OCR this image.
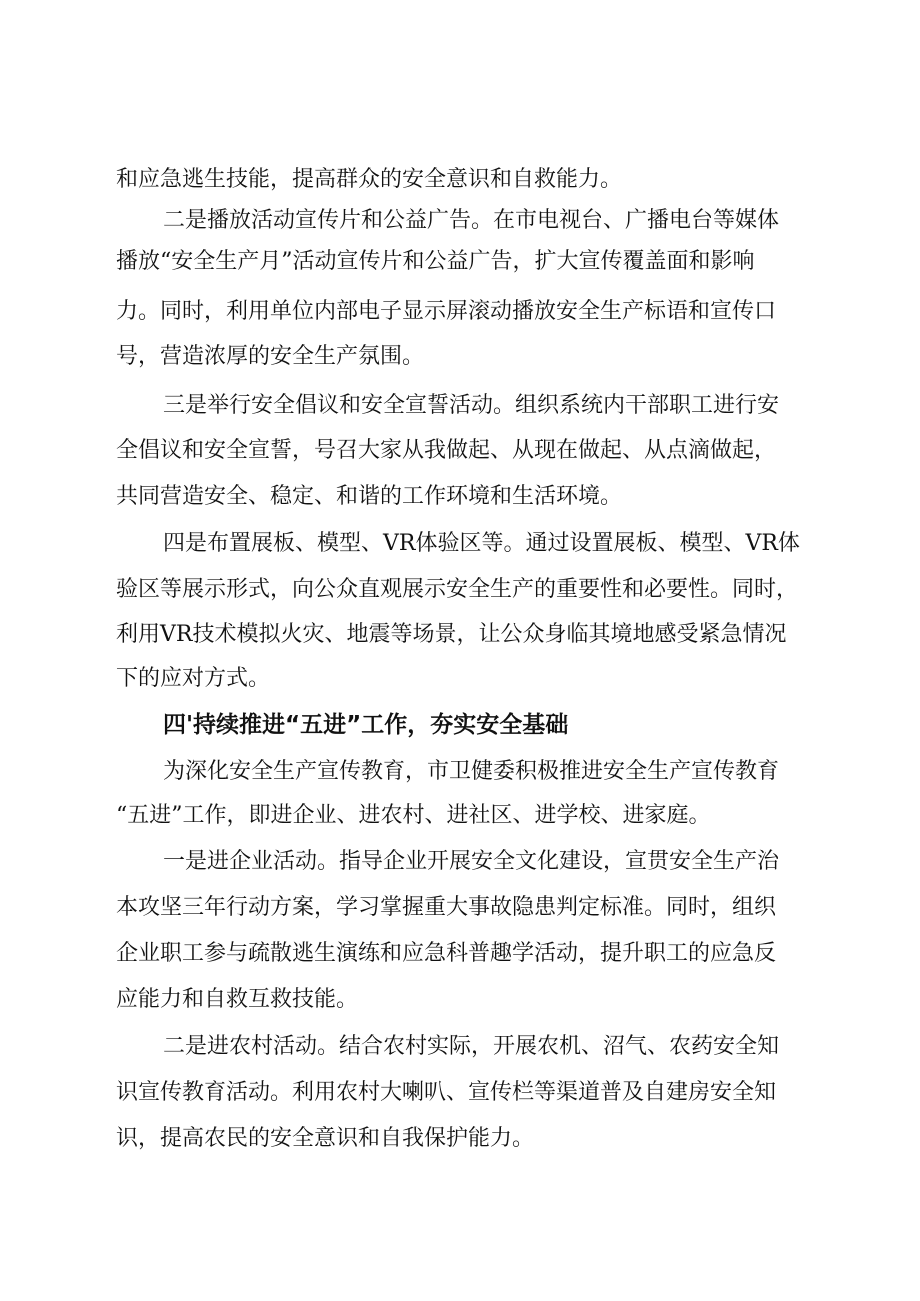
和应急逃生技能，提高群众的安全意识和自救能力。
二是播放活动宣传片和公益广告。在市电视台、广播电台等媒体
播放“安全生产月”活动宣传片和公益广告，扩大宣传覆盖面和影响
力。同时，利用单位内部电子显示屏滚动播放安全生产标语和宣传口
号，营造浓厚的安全生产氛围。
三是举行安全倡议和安全宣誓活动。组织系统内干部职工进行安
全倡议和安全宣誓，号召大家从我做起、从现在做起、从点滴做起，
共同营造安全、稳定、和谐的工作环境和生活环境。
四是布置展板、模型、VR体验区等。通过设置展板、模型、VR体
验区等展示形式，向公众直观展示安全生产的重要性和必要性。同时，
利用VR技术模拟火灾、地震等场景，让公众身临其境地感受紧急情况
下的应对方式。
四'持续推进“五进”工作，夯实安全基础
为深化安全生产宣传教育，市卫健委积极推进安全生产宣传教育
“五进”工作，即进企业、进农村、进社区、进学校、进家庭。
一是进企业活动。指导企业开展安全文化建设，宣贯安全生产治
本攻坚三年行动方案，学习掌握重大事故隐患判定标准。同时，组织
企业职工参与疏散逃生演练和应急科普趣学活动，提升职工的应急反
应能力和自救互救技能。
二是进农村活动。结合农村实际，开展农机、沼气、农药安全知
识宣传教育活动。利用农村大喇叭、宣传栏等渠道普及自建房安全知
识，提高农民的安全意识和自我保护能力。
